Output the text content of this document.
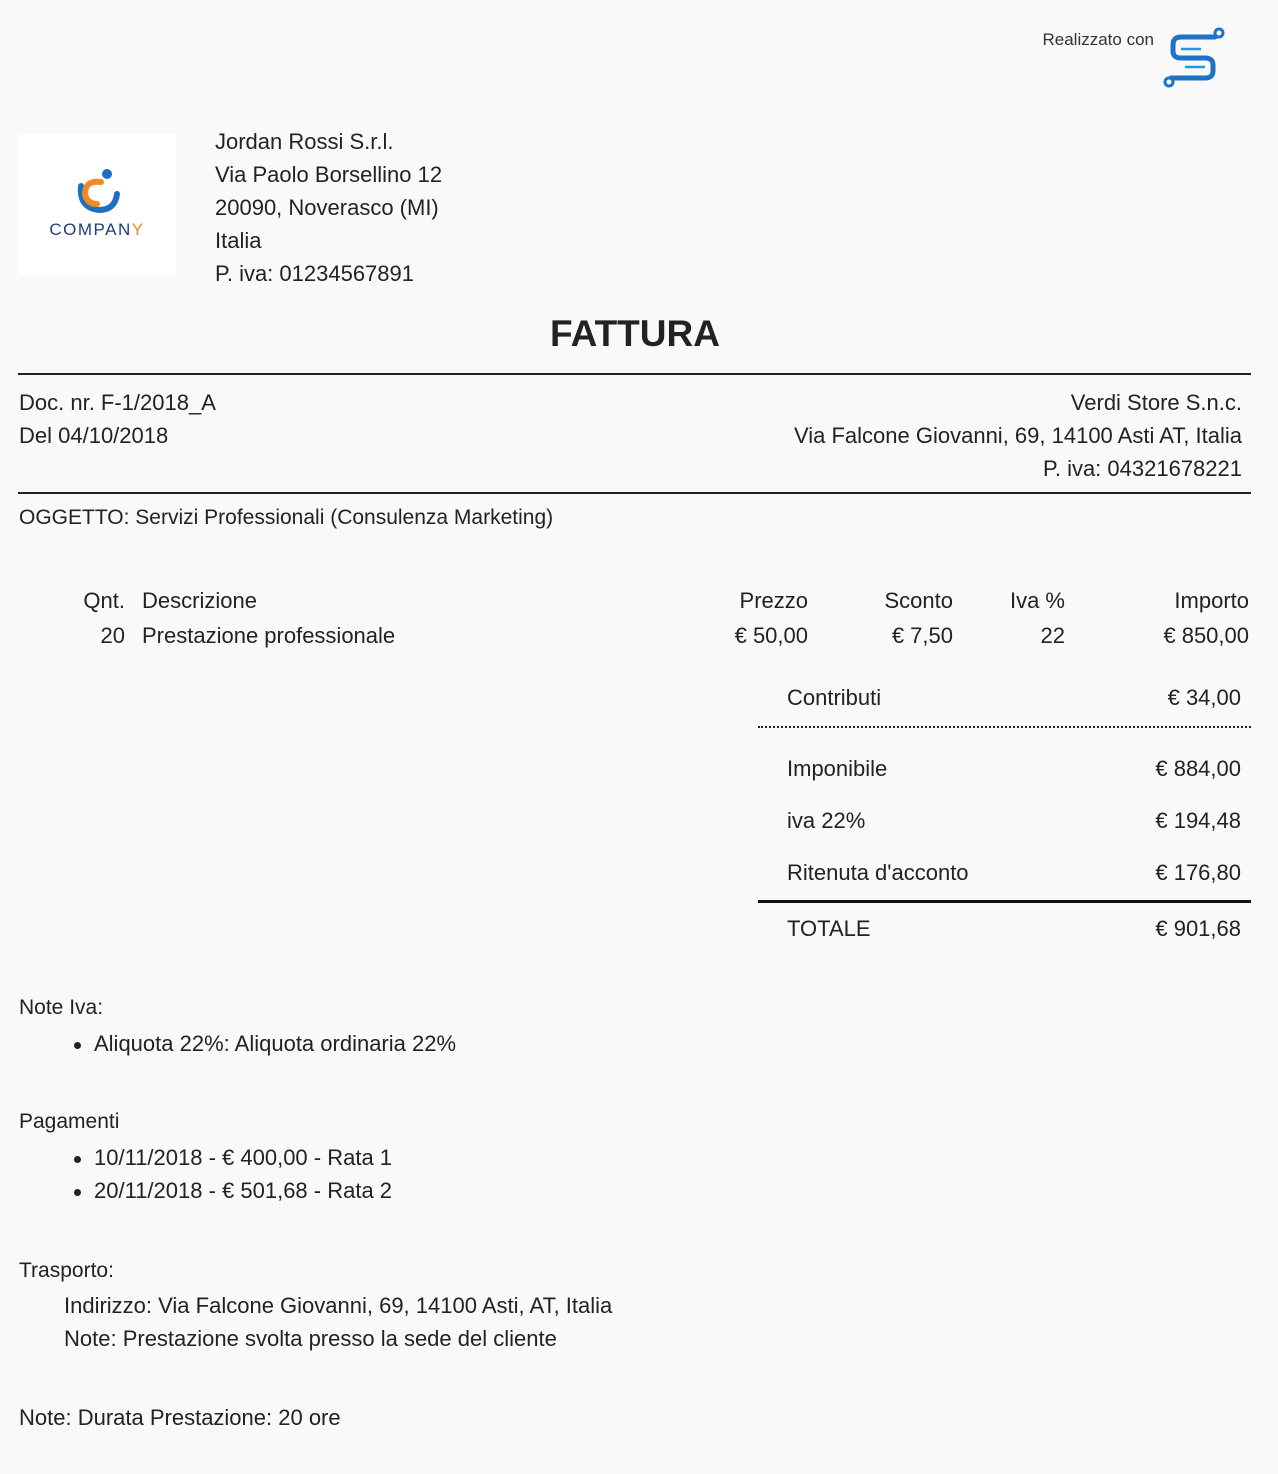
Realizzato con
COMPANY
Jordan Rossi S.r.l.
Via Paolo Borsellino 12
20090, Noverasco (MI)
Italia
P. iva: 01234567891
FATTURA
Doc. nr. F-1/2018_A
Del 04/10/2018
Verdi Store S.n.c.
Via Falcone Giovanni, 69, 14100 Asti AT, Italia
P. iva: 04321678221
OGGETTO: Servizi Professionali (Consulenza Marketing)
Qnt. Descrizione	Prezzo	Sconto	Iva %	Importo
20 Prestazione professionale	€ 50,00	€ 7,50	22	€ 850,00
Contributi	€ 34,00
Imponibile	€ 884,00
iva 22%	€ 194,48
Ritenuta d'acconto	€ 176,80
TOTALE	€ 901,68
Note Iva:
Aliquota 22%: Aliquota ordinaria 22%
Pagamenti
10/11/2018 - € 400,00 - Rata 1
20/11/2018 - € 501,68 - Rata 2
Trasporto:
Indirizzo: Via Falcone Giovanni, 69, 14100 Asti, AT, Italia
Note: Prestazione svolta presso la sede del cliente
Note: Durata Prestazione: 20 ore
